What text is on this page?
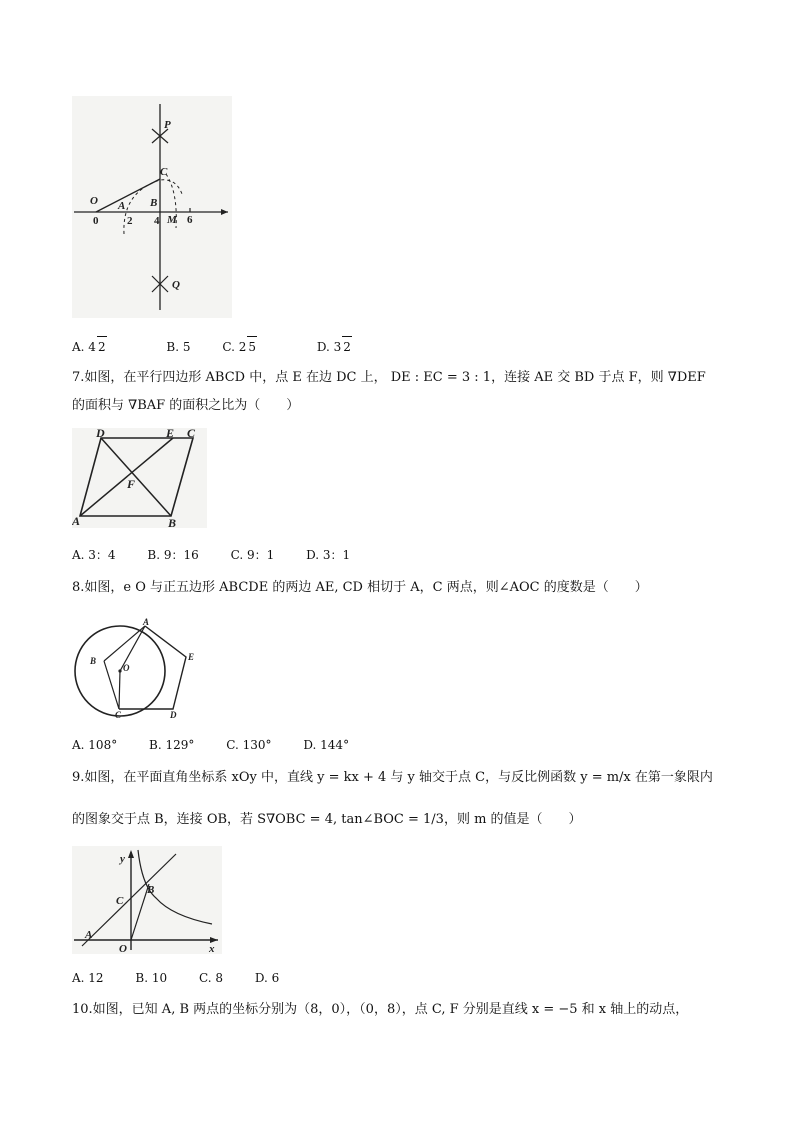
P
C
O A B
M
0	2 4	6
Q
A. 4 2	B. 5	C. 2 5	D. 3 2
7.如图，在平行四边形 ABCD 中，点 E 在边 DC 上， DE : EC = 3 : 1，连接 AE 交 BD 于点 F，则 ∇DEF
的面积与 ∇BAF 的面积之比为（　　）
D	E C
F
A	B
A. 3：4	B. 9：16	C. 9：1	D. 3：1
8.如图，e O 与正五边形 ABCDE 的两边 AE, CD 相切于 A，C 两点，则∠AOC 的度数是（　　）
A
B
O
E
C	D
A. 108°	B. 129°	C. 130°	D. 144°
9.如图，在平面直角坐标系 xOy 中，直线 y = kx + 4 与 y 轴交于点 C，与反比例函数 y = m/x 在第一象限内
的图象交于点 B，连接 OB，若 S∇OBC = 4, tan∠BOC = 1/3，则 m 的值是（　　）
y
C
B
A
O	x
A. 12	B. 10	C. 8	D. 6
10.如图，已知 A, B 两点的坐标分别为（8，0），（0，8），点 C, F 分别是直线 x = −5 和 x 轴上的动点，
